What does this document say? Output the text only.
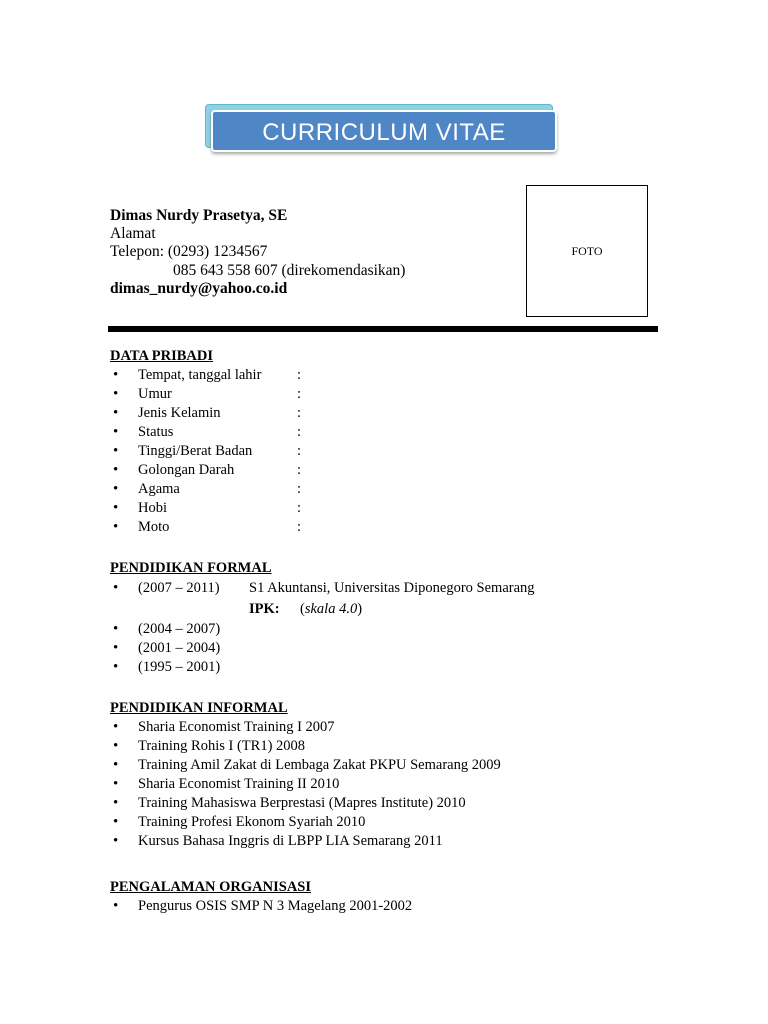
CURRICULUM VITAE
Dimas Nurdy Prasetya, SE
Alamat
Telepon: (0293) 1234567
085 643 558 607 (direkomendasikan)
dimas_nurdy@yahoo.co.id
FOTO
DATA PRIBADI
• Tempat, tanggal lahir :
• Umur	:
• Jenis Kelamin	:
• Status	:
• Tinggi/Berat Badan	:
• Golongan Darah	:
• Agama	:
• Hobi	:
• Moto	:
PENDIDIKAN FORMAL
• (2007 – 2011) S1 Akuntansi, Universitas Diponegoro Semarang
IPK: (skala 4.0)
• (2004 – 2007)
• (2001 – 2004)
• (1995 – 2001)
PENDIDIKAN INFORMAL
• Sharia Economist Training I 2007
• Training Rohis I (TR1) 2008
• Training Amil Zakat di Lembaga Zakat PKPU Semarang 2009
• Sharia Economist Training II 2010
• Training Mahasiswa Berprestasi (Mapres Institute) 2010
• Training Profesi Ekonom Syariah 2010
• Kursus Bahasa Inggris di LBPP LIA Semarang 2011
PENGALAMAN ORGANISASI
• Pengurus OSIS SMP N 3 Magelang 2001-2002
